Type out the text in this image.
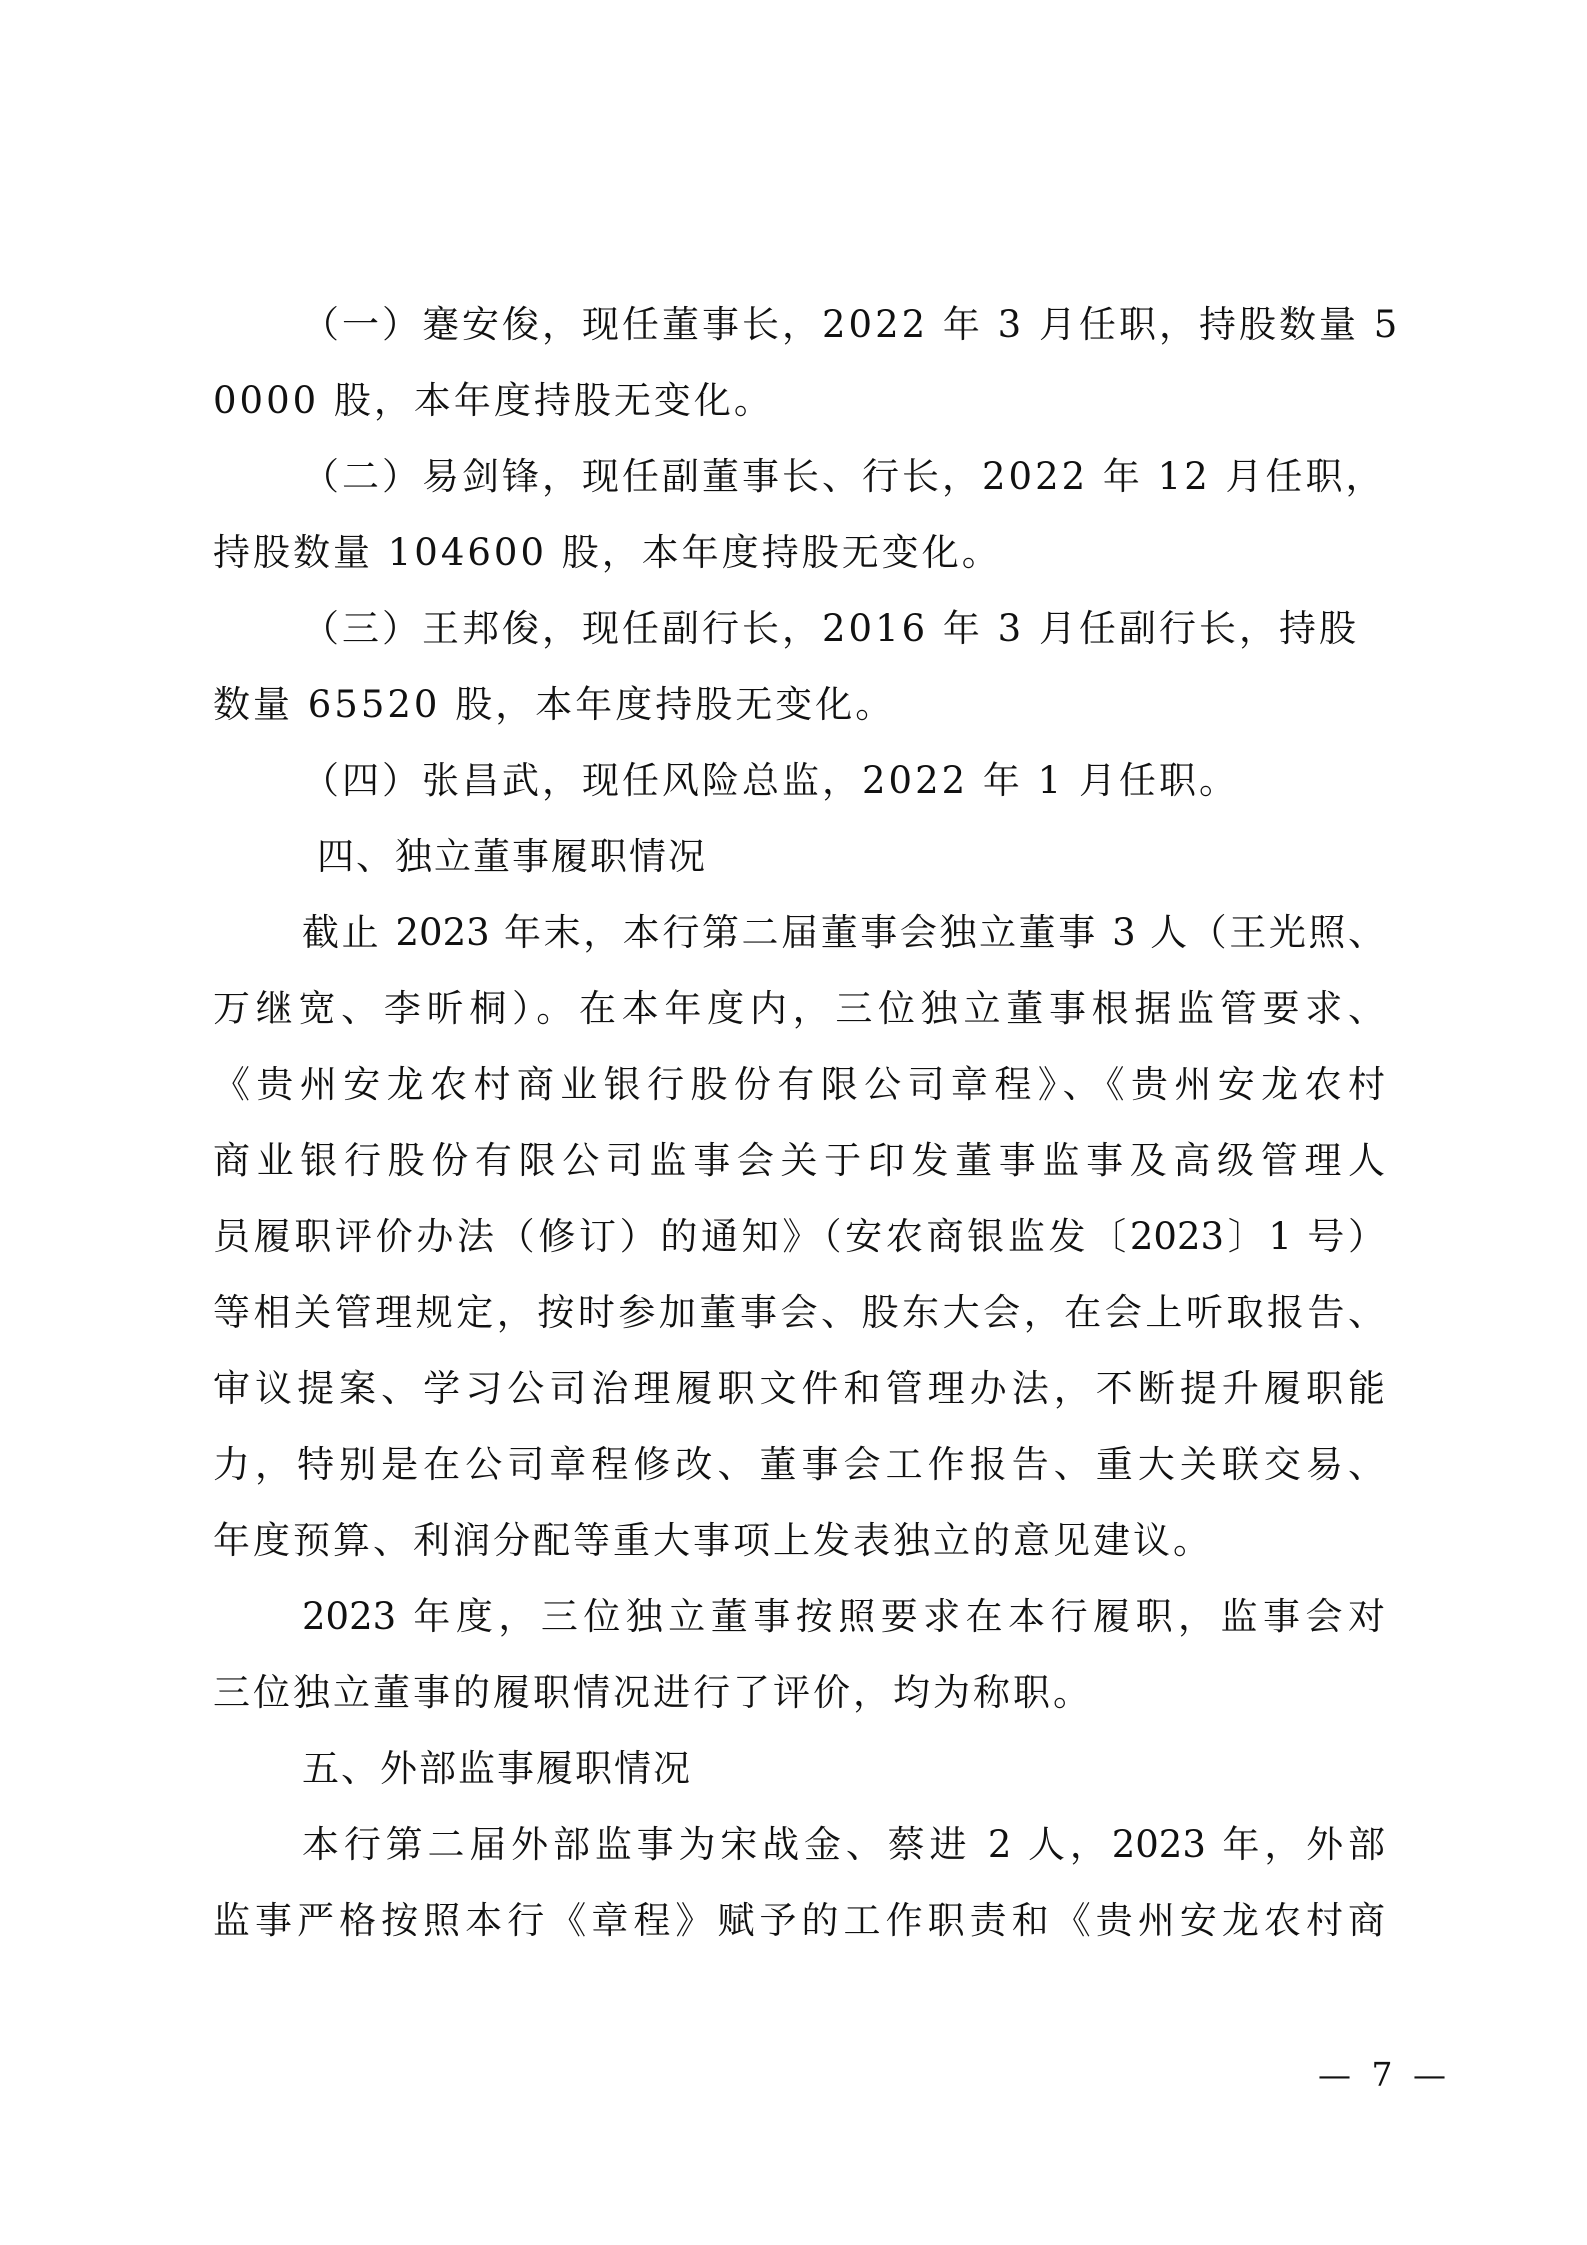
（一）蹇安俊，现任董事长，2022 年 3 月任职，持股数量 5
0000 股，本年度持股无变化。
（二）易剑锋，现任副董事长、行长，2022 年 12 月任职，
持股数量 104600 股，本年度持股无变化。
（三）王邦俊，现任副行长，2016 年 3 月任副行长，持股
数量 65520 股，本年度持股无变化。
（四）张昌武，现任风险总监，2022 年 1 月任职。
四、独立董事履职情况
截止 2023 年末，本行第二届董事会独立董事 3 人（王光照、
万继宽、李昕桐）。在本年度内，三位独立董事根据监管要求、
《贵州安龙农村商业银行股份有限公司章程》、《贵州安龙农村
商业银行股份有限公司监事会关于印发董事监事及高级管理人
员履职评价办法（修订）的通知》（安农商银监发〔2023〕1 号）
等相关管理规定，按时参加董事会、股东大会，在会上听取报告、
审议提案、学习公司治理履职文件和管理办法，不断提升履职能
力，特别是在公司章程修改、董事会工作报告、重大关联交易、
年度预算、利润分配等重大事项上发表独立的意见建议。
2023 年度，三位独立董事按照要求在本行履职，监事会对
三位独立董事的履职情况进行了评价，均为称职。
五、外部监事履职情况
本行第二届外部监事为宋战金、蔡进 2 人，2023 年，外部
监事严格按照本行《章程》赋予的工作职责和《贵州安龙农村商
— 7 —
